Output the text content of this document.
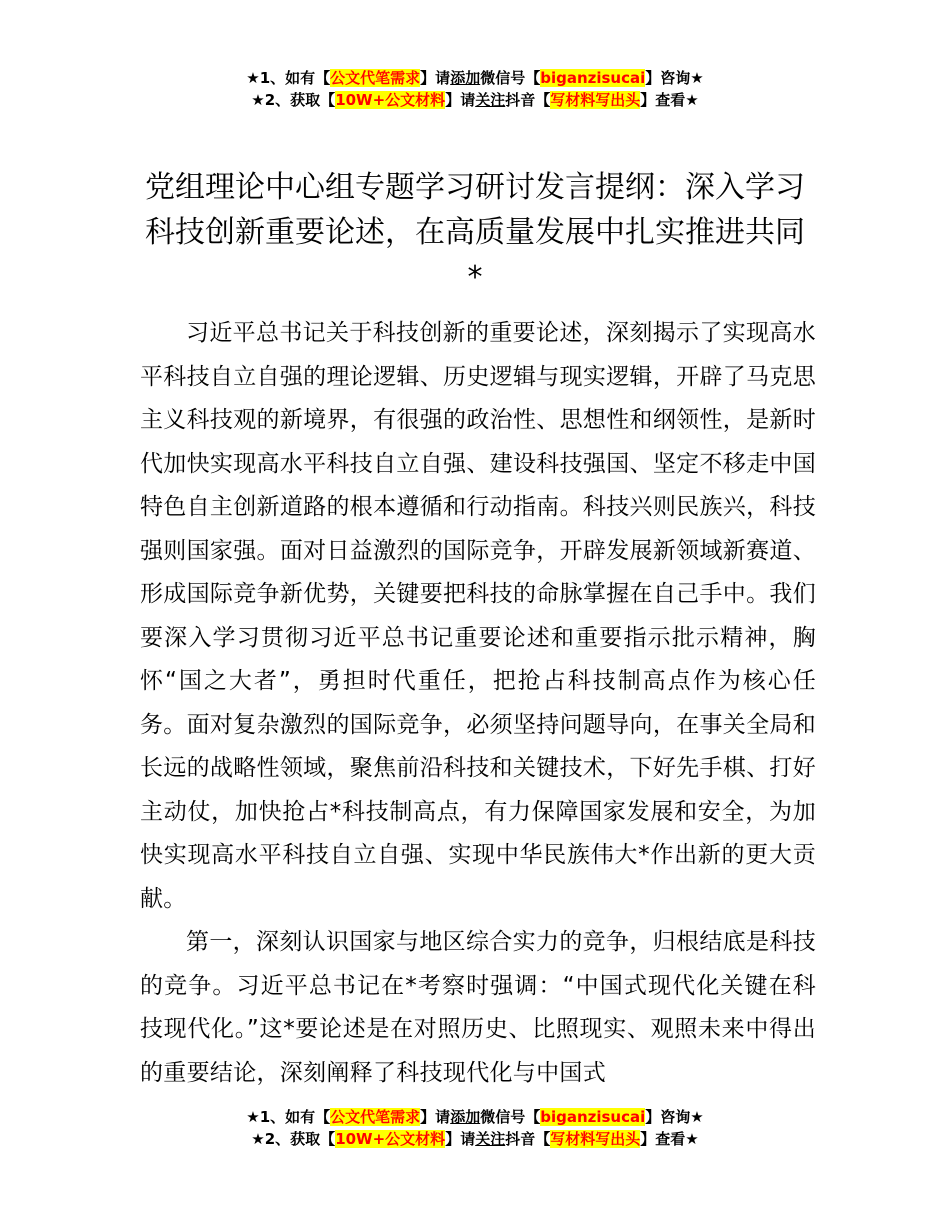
★1、如有【公文代笔需求】请添加微信号【biganzisucai】咨询★
★2、获取【10W+公文材料】请关注抖音【写材料写出头】查看★
党组理论中心组专题学习研讨发言提纲：深入学习科技创新重要论述，在高质量发展中扎实推进共同*

习近平总书记关于科技创新的重要论述，深刻揭示了实现高水平科技自立自强的理论逻辑、历史逻辑与现实逻辑，开辟了马克思主义科技观的新境界，有很强的政治性、思想性和纲领性，是新时代加快实现高水平科技自立自强、建设科技强国、坚定不移走中国特色自主创新道路的根本遵循和行动指南。科技兴则民族兴，科技强则国家强。面对日益激烈的国际竞争，开辟发展新领域新赛道、形成国际竞争新优势，关键要把科技的命脉掌握在自己手中。我们要深入学习贯彻习近平总书记重要论述和重要指示批示精神，胸怀“国之大者”，勇担时代重任，把抢占科技制高点作为核心任务。面对复杂激烈的国际竞争，必须坚持问题导向，在事关全局和长远的战略性领域，聚焦前沿科技和关键技术，下好先手棋、打好主动仗，加快抢占*科技制高点，有力保障国家发展和安全，为加快实现高水平科技自立自强、实现中华民族伟大*作出新的更大贡献。

第一，深刻认识国家与地区综合实力的竞争，归根结底是科技的竞争。习近平总书记在*考察时强调：“中国式现代化关键在科技现代化。”这*要论述是在对照历史、比照现实、观照未来中得出的重要结论，深刻阐释了科技现代化与中国式

★1、如有【公文代笔需求】请添加微信号【biganzisucai】咨询★
★2、获取【10W+公文材料】请关注抖音【写材料写出头】查看★
